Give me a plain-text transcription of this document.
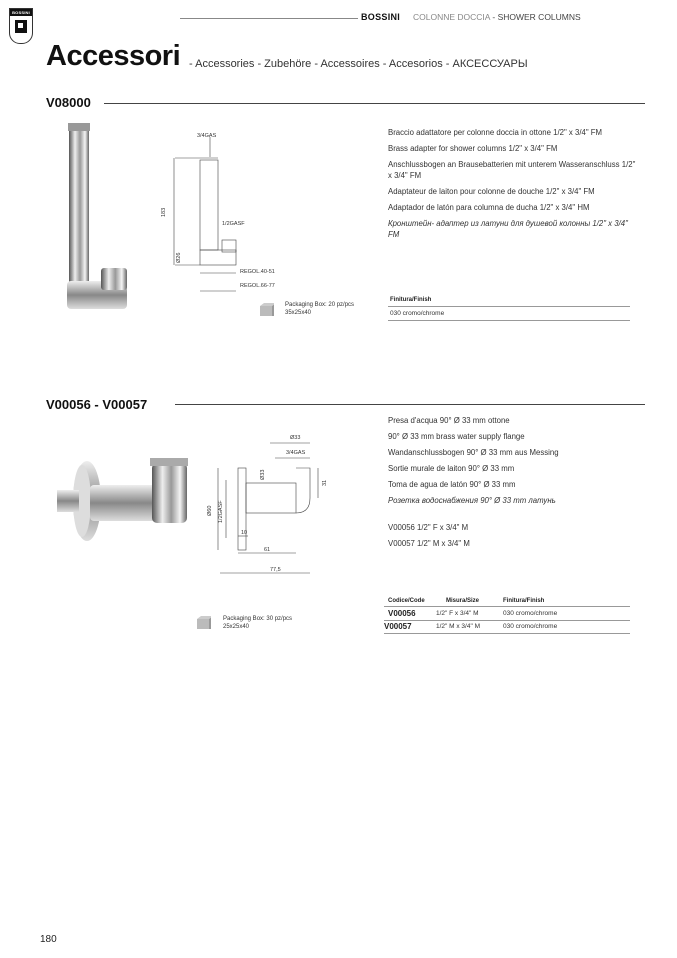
BOSSINI	BOSSINI COLONNE DOCCIA - SHOWER COLUMNS
Accessori - Accessories - Zubehöre - Accessoires - Accesorios - АКСЕССУАРЫ
V08000
3/4GAS
183
1/2GASF
Ø26
REGOL.40-51
REGOL.66-77

Braccio adattatore per colonne doccia in ottone 1/2" x 3/4" FM

Brass adapter for shower columns 1/2" x 3/4" FM

Anschlussbogen an Brausebatterien mit unterem Wasseranschluss 1/2" x 3/4" FM

Adaptateur de laiton pour colonne de douche 1/2" x 3/4" FM

Adaptador de latón para columna de ducha 1/2" x 3/4" HM

Кронштейн- адаптер из латуни для душевой колонны 1/2" x 3/4" FM

Packaging Box: 20 pz/pcs
35x25x40
Finitura/Finish
030 cromo/chrome
V00056 - V00057
Ø33
3/4GAS
Ø33
31
Ø60 1/2GASF
10
61
77,5

Presa d'acqua 90° Ø 33 mm ottone

90° Ø 33 mm brass water supply flange

Wandanschlussbogen 90° Ø 33 mm aus Messing

Sortie murale de laiton 90° Ø 33 mm

Toma de agua de latón 90° Ø 33 mm

Розетка водоснабжения 90° Ø 33 mm латунь

V00056 1/2" F x 3/4" M

V00057 1/2" M x 3/4" M

Packaging Box: 30 pz/pcs
25x25x40
Codice/Code	Misura/Size	Finitura/Finish
V00056	1/2" F x 3/4" M	030 cromo/chrome
V00057	1/2" M x 3/4" M	030 cromo/chrome
180
